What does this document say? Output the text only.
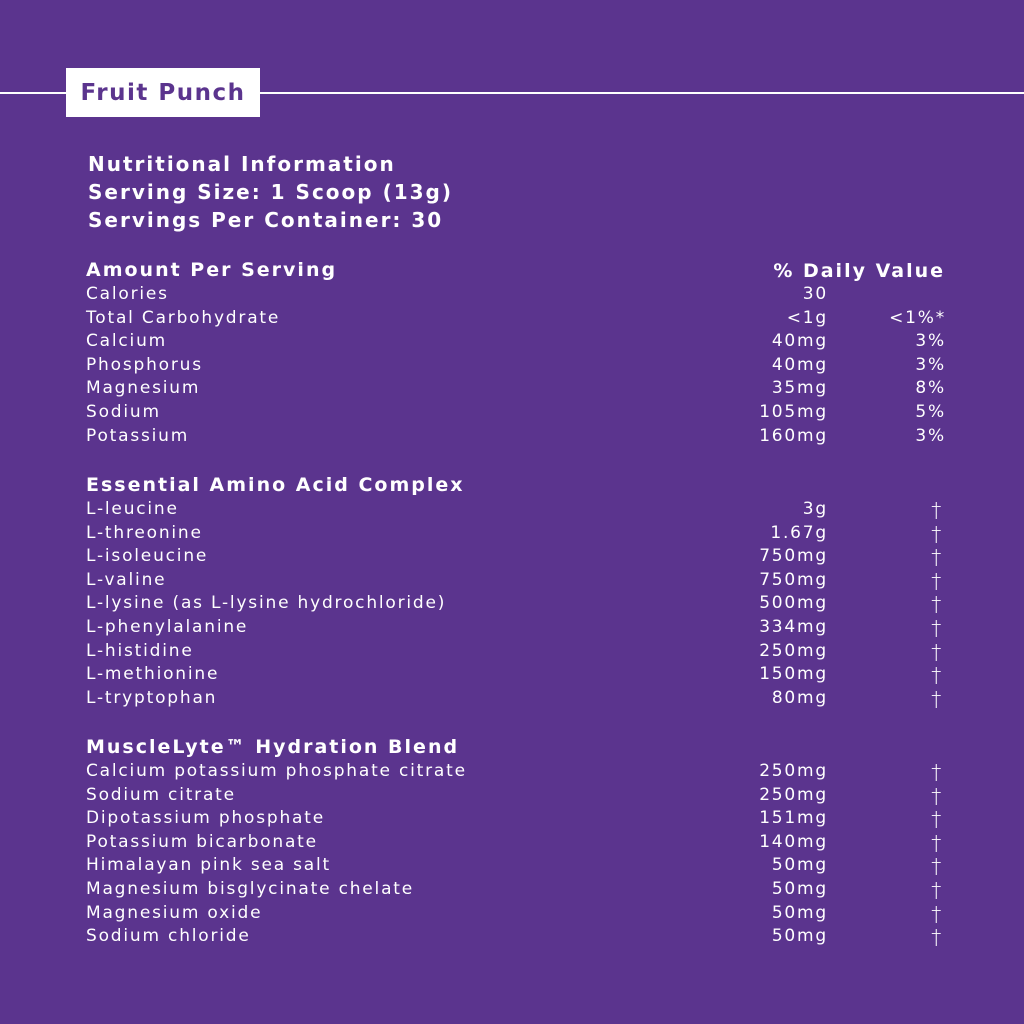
Fruit Punch
Nutritional Information
Serving Size: 1 Scoop (13g)
Servings Per Container: 30
Amount Per Serving	% Daily Value
Calories	30
Total Carbohydrate	<1g	<1%*
Calcium	40mg	3%
Phosphorus	40mg	3%
Magnesium	35mg	8%
Sodium	105mg	5%
Potassium	160mg	3%
Essential Amino Acid Complex
L-leucine	3g	†
L-threonine	1.67g	†
L-isoleucine	750mg	†
L-valine	750mg	†
L-lysine (as L-lysine hydrochloride)	500mg	†
L-phenylalanine	334mg	†
L-histidine	250mg	†
L-methionine	150mg	†
L-tryptophan	80mg	†
MuscleLyte™ Hydration Blend
Calcium potassium phosphate citrate	250mg	†
Sodium citrate	250mg	†
Dipotassium phosphate	151mg	†
Potassium bicarbonate	140mg	†
Himalayan pink sea salt	50mg	†
Magnesium bisglycinate chelate	50mg	†
Magnesium oxide	50mg	†
Sodium chloride	50mg	†
